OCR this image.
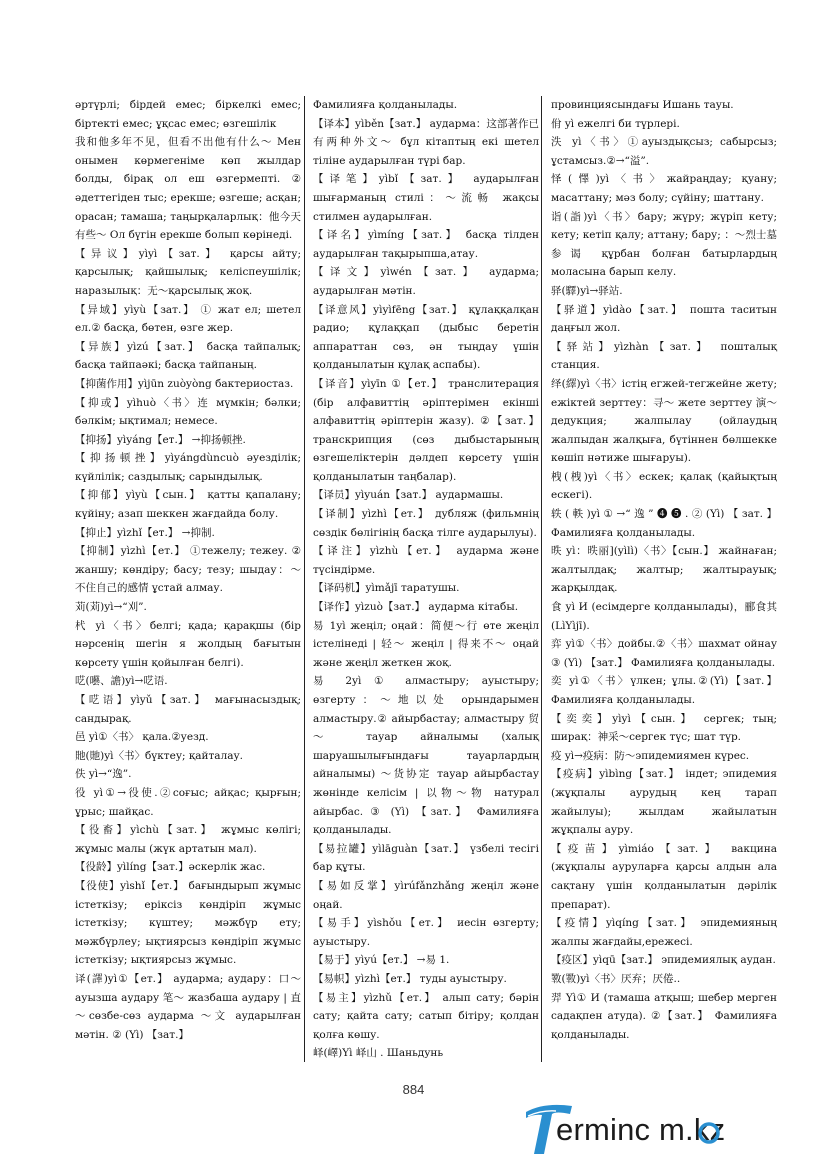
әртүрлі; бірдей емес; біркелкі емес; біртекті емес; ұқсас емес; өзгешілік

我和他多年不见，但看不出他有什么～ Мен онымен көрмегеніме көп жылдар болды, бірақ ол еш өзгермепті. ② әдеттегіден тыс; ерекше; өзгеше; асқан; орасан; тамаша; таңырқаларлық：他今天有些～ Ол бүгін ерекше болып көрінеді.

【异议】yìyì【зат.】 қарсы айту; қарсылық; қайшылық; келіспеушілік; наразылық：无～қарсылық жоқ.

【异域】yìyù【зат.】 ① жат ел; шетел ел.② басқа, бөтен, өзге жер.

【异族】yìzú【зат.】 басқа тайпалық; басқа тайпаәкі; басқа тайпаның.

【抑菌作用】yìjūn zuòyòng бактериостаз.

【抑或】yìhuò〈书〉连 мүмкін; бәлки; бәлкім; ықтимал; немесе.

【抑扬】yìyáng【ет.】 →抑扬顿挫.

【抑扬顿挫】yìyángdùncuò әуезділік; күйлілік; саздылық; сарындылық.

【抑郁】yìyù【сын.】 қатты қапалану; күйіну; азап шеккен жағдайда болу.

【抑止】yìzhǐ【ет.】 →抑制.

【抑制】yìzhì【ет.】 ①тежелу; тежеу. ② жаншу; көндіру; басу; тезу; шыдау：～不住自己的感情 ұстай алмау.

苅(苅)yì→“刈”.

杙 yì〈书〉белгі; қада; қарақшы (бір нәрсенің шегін я жолдың бағытын көрсету үшін қойылған белгі).

呓(囈、譫)yì→呓语.

【呓语】yìyǔ【зат.】 мағынасыздық; сандырақ.

邑 yì①〈书〉 қала.②уезд.

貤(貤)yì〈书〉бүктеу; қайталау.

佚 yì→“逸”.

役 yì①→役使.②соғыс; айқас; қырғын; ұрыс; шайқас.

【役畜】yìchù【зат.】 жұмыс көлігі; жұмыс малы (жүк артатын мал).

【役龄】yìlíng【зат.】әскерлік жас.

【役使】yìshǐ【ет.】 бағындырып жұмыс істеткізу; еріксіз көндіріп жұмыс істеткізу; күштеу; мәжбүр ету; мәжбүрлеу; ықтиярсыз көндіріп жұмыс істеткізу; ықтиярсыз жұмыс.

译(譯)yì①【ет.】 аударма; аудару：口～ ауызша аудару 笔～ жазбаша аудару | 直～сөзбе-сөз аударма ～文 аударылған мәтін. ② (Yì) 【зат.】

Фамилияға қолданылады.

【译本】yìběn【зат.】 аударма：这部著作已有两种外文～ бұл кітаптың екі шетел тіліне аударылған түрі бар.

【译笔】yìbǐ【зат.】 аударылған шығарманың стилі：～流畅 жақсы стилмен аударылған.

【译名】yìmíng【зат.】 басқа тілден аударылған тақырыпша,атау.

【译文】yìwén【зат.】 аударма; аударылған мәтін.

【译意风】yìyìfēng【зат.】 құлаққалқан радио; құлаққап (дыбыс беретін аппараттан сөз, ән тыңдау үшін қолданылатын құлақ аспабы).

【译音】yìyīn ①【ет.】 транслитерация (бір алфавиттің әріптерімен екінші алфавиттің әріптерін жазу). ②【зат.】 транскрипция (сөз дыбыстарының өзгешеліктерін дәлдеп көрсету үшін қолданылатын таңбалар).

【译员】yìyuán【зат.】 аудармашы.

【译制】yìzhì【ет.】 дубляж (фильмнің сөздік бөлігінің басқа тілге аударылуы).

【译注】yìzhù【ет.】 аударма және түсіндірме.

【译码机】yìmǎjī тарату​шы.

【译作】yìzuò【зат.】 аударма кітабы.

易 1yì жеңіл; оңай：简便～行 өте жеңіл істелінеді | 轻～ жеңіл | 得来不～ оңай және жеңіл жеткен жоқ.

易 2yì ① алмастыру; ауыстыру; өзгерту：～地以处 орындарымен алмастыру.② айырбастау; алмастыру 贸～ тауар айналымы (халық шаруашылығындағы тауарлардың айналымы) ～货协定 тауар айырбастау жөнінде келісім | 以物～物 натурал айырбас. ③ (Yì) 【зат.】 Фамилияға қолданылады.

【易拉罐】yìlāguàn【зат.】 үзбелі тесігі бар құты.

【易如反掌】yìrúfǎnzhǎng жеңіл және оңай.

【易手】yìshǒu【ет.】 иесін өзгерту; ауыстыру.

【易于】yìyú【ет.】 →易 1.

【易帜】yìzhì【ет.】 туды ауыстыру.

【易主】yìzhǔ【ет.】 алып сату; бәрін сату; қайта сату; сатып бітіру; қолдан қолға көшу.

峄(嶧)Yì 峄山 . Шаньдунь

провинциясындағы Ишань тауы.

佾 yì ежелгі би түрлері.

泆 yì〈书〉①ауыздықсыз; сабырсыз; ұстамсыз.②→“溢”.

怿(懌)yì〈书〉жайраңдау; қуану; масаттану; мәз болу; сүйіну; шаттану.

诣(詣)yì〈书〉бару; жүру; жүріп кету; кету; кетіп қалу; аттану; бару; ：～烈士墓参谒 құрбан болған батырлардың моласына барып келу.

驿(驛)yì→驿站.

【驿道】yìdào【зат.】 пошта таситын даңғыл жол.

【驿站】yìzhàn【зат.】 пошталық станция.

绎(繹)yì〈书〉істің егжей-тегжейне жету; ежіктей зерттеу：寻～ жете зерттеу 演～ дедукция; жалпылау (ойлаудың жалпыдан жалқыға, бүтіннен бөлшекке көшіп нәтиже шығаруы).

栧(栧)yì〈书〉ескек; қалақ (қайықтың ескегі).

轶(軼)yì①→“逸”❹❺.②(Yì)【зат.】 Фамилияға қолданылады.

昳 yì：昳丽](yìlì)〈书〉【сын.】 жайнаған; жалтылдақ; жалтыр; жалтырауық; жарқылдақ.

食 yì И (есімдерге қолданылады)，郦食其(LìYìjī).

弈 yì①〈书〉дойбы.②〈书〉шахмат ойнау ③ (Yì) 【зат.】 Фамилияға қолданылады.

奕 yì①〈书〉үлкен; ұлы.②(Yì)【зат.】 Фамилияға қолданылады.

【奕奕】yìyì【сын.】 сергек; тың; ширақ：神采～сергек түс; шат түр.

疫 yì→疫病：防～эпидемиямен күрес.

【疫病】yìbìng【зат.】 індет; эпидемия (жұқпалы аурудың кең тарап жайылуы); жылдам жайылатын жұқпалы ауру.

【疫苗】yìmiáo【зат.】 вакцина (жұқпалы ауруларға қарсы алдын ала сақтану үшін қолданылатын дәрілік препарат).

【疫情】yìqíng【зат.】 эпидемияның жалпы жағдайы,ережесі.

【疫区】yìqū【зат.】 эпидемиялық аудан.

斁(斁)yì〈书〉厌弃；厌倦..

羿 Yì① И (тамаша атқыш; шебер мерген садақпен атуда). ②【зат.】 Фамилияға қолданылады.

884
erminc m.kz
